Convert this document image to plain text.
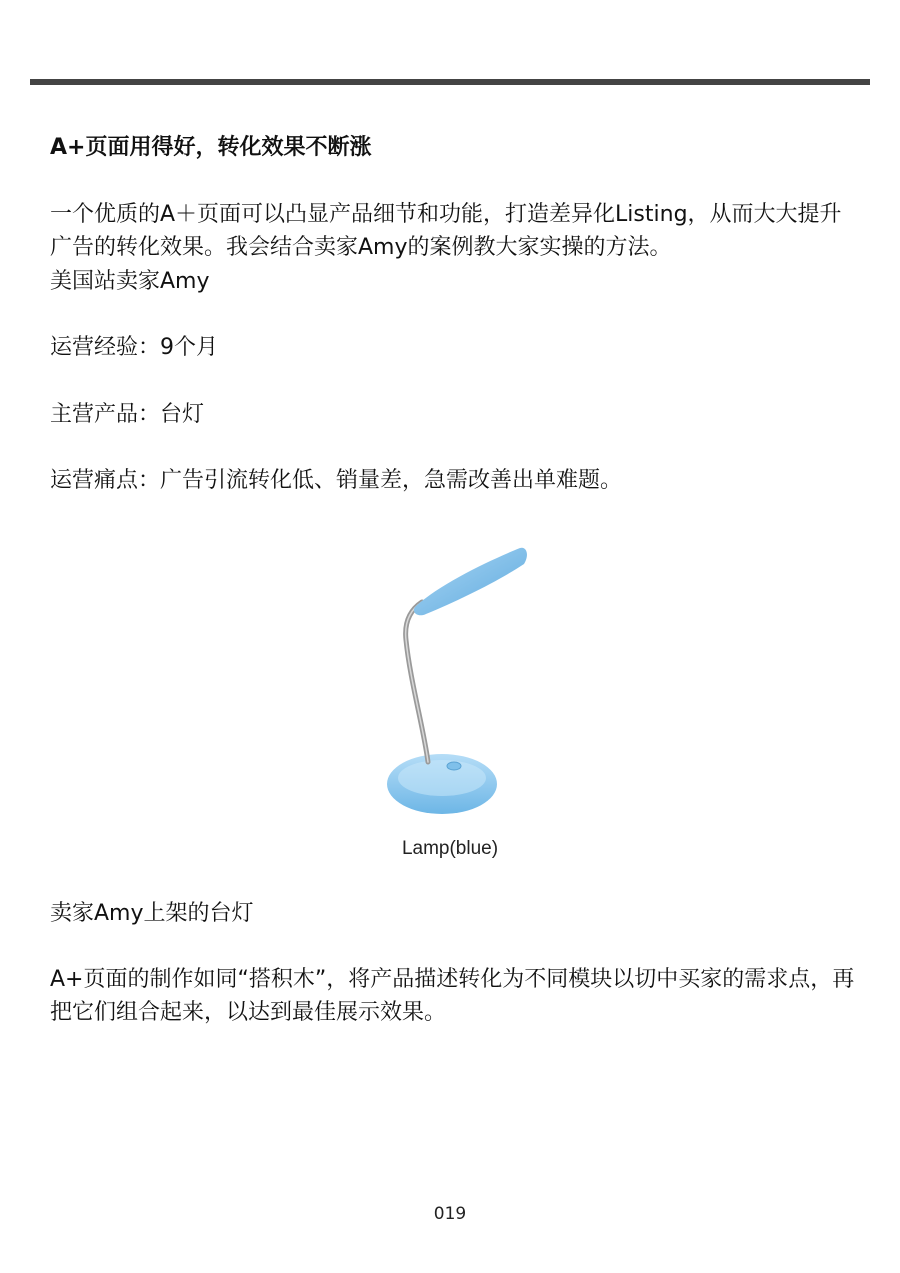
A+页面用得好，转化效果不断涨

一个优质的A＋页面可以凸显产品细节和功能，打造差异化Listing，从而大大提升广告的转化效果。我会结合卖家Amy的案例教大家实操的方法。

美国站卖家Amy

运营经验：9个月

主营产品：台灯

运营痛点：广告引流转化低、销量差，急需改善出单难题。

Lamp(blue)

卖家Amy上架的台灯

A+页面的制作如同“搭积木”，将产品描述转化为不同模块以切中买家的需求点，再把它们组合起来，以达到最佳展示效果。

019
